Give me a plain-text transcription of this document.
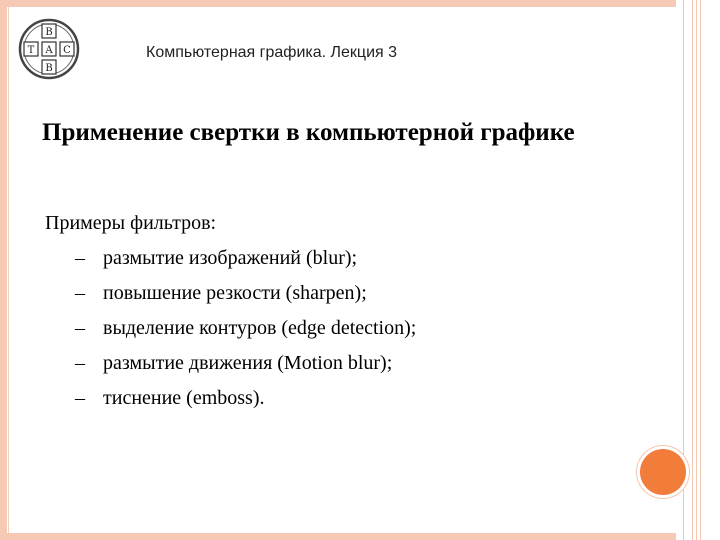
В
А
В
Т	С	Компьютерная графика. Лекция 3
Применение свертки в компьютерной графике
Примеры фильтров:
– размытие изображений (blur);
– повышение резкости (sharpen);
– выделение контуров (edge detection);
– размытие движения (Motion blur);
– тиснение (emboss).
